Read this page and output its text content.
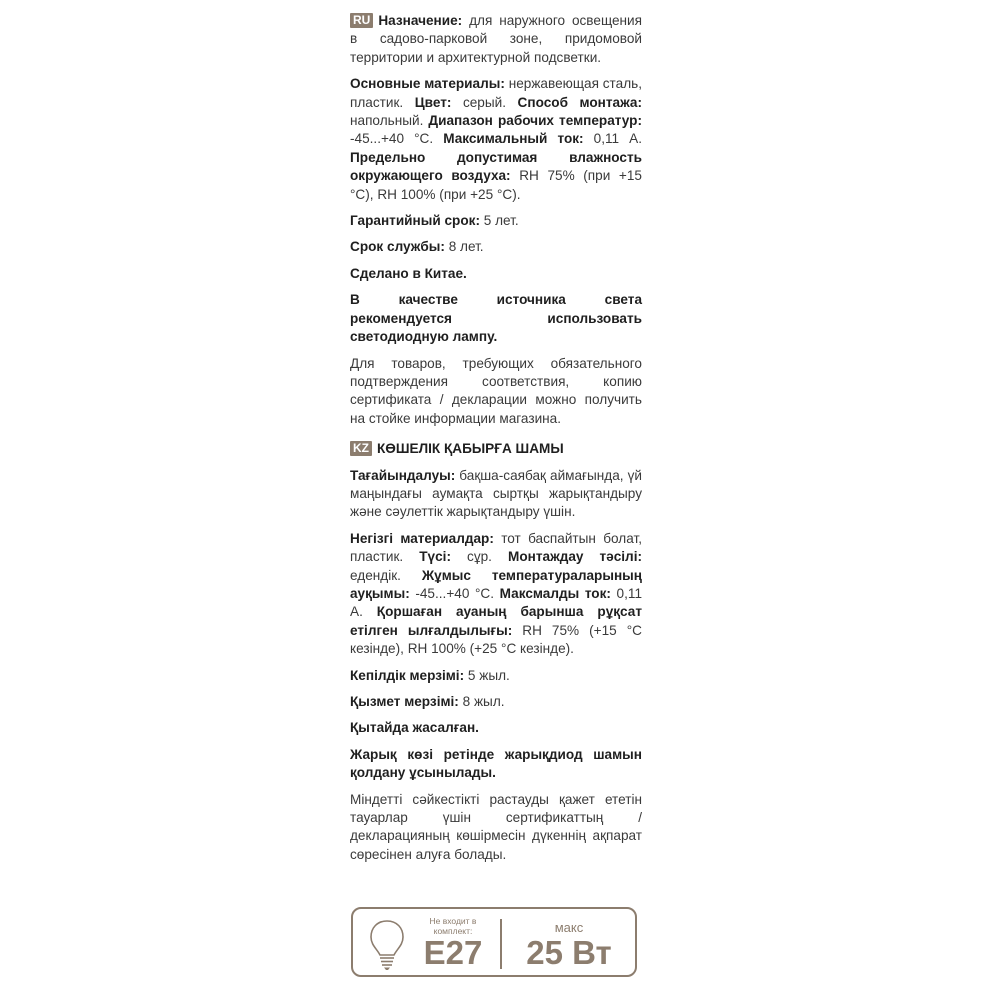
RU Назначение: для наружного освещения в садово-парковой зоне, придомовой территории и архитектурной подсветки.

Основные материалы: нержавеющая сталь, пластик. Цвет: серый. Способ монтажа: напольный. Диапазон рабочих температур: -45...+40 °С. Максимальный ток: 0,11 А. Предельно допустимая влажность окружающего воздуха: RH 75% (при +15 °С), RH 100% (при +25 °С).

Гарантийный срок: 5 лет.

Срок службы: 8 лет.

Сделано в Китае.

В качестве источника света рекомендуется использовать светодиодную лампу.

Для товаров, требующих обязательного подтверждения соответствия, копию сертификата / декларации можно получить на стойке информации магазина.

KZ КӨШЕЛІК ҚАБЫРҒА ШАМЫ

Тағайындалуы: бақша-саябақ аймағында, үй маңындағы аумақта сыртқы жарықтандыру және сәулеттік жарықтандыру үшін.

Негізгі материалдар: тот баспайтын болат, пластик. Түсі: сұр. Монтаждау тәсілі: едендік. Жұмыс температураларының ауқымы: -45...+40 °С. Максмалды ток: 0,11 А. Қоршаған ауаның барынша рұқсат етілген ылғалдылығы: RH 75% (+15 °С кезінде), RH 100% (+25 °С кезінде).

Кепілдік мерзімі: 5 жыл.

Қызмет мерзімі: 8 жыл.

Қытайда жасалған.

Жарық көзі ретінде жарықдиод шамын қолдану ұсынылады.

Міндетті сәйкестікті растауды қажет ететін тауарлар үшін сертификаттың / декларацияның көшірмесін дүкеннің ақпарат сөресінен алуға болады.

Не входит в комплект:
E27
макс
25 Вт
